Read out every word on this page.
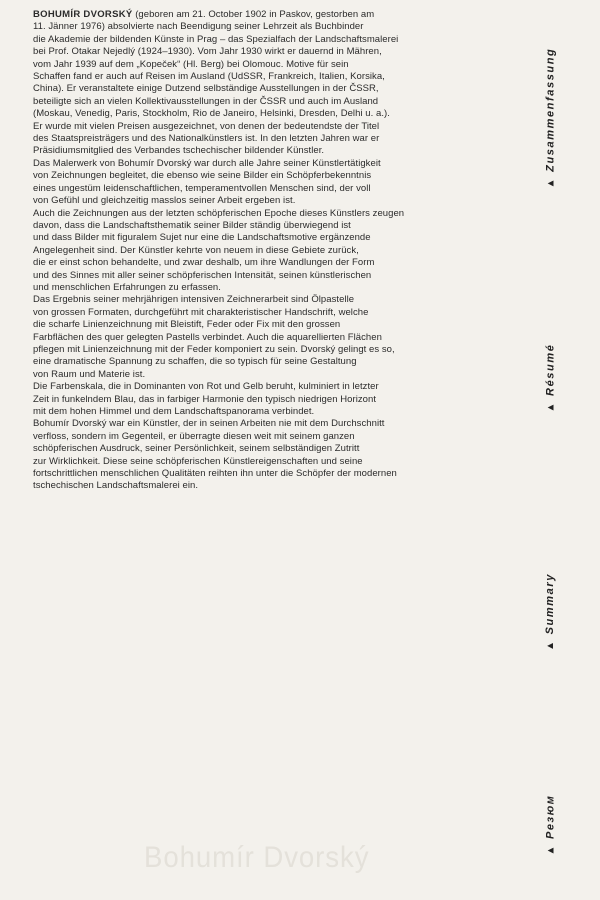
BOHUMÍR DVORSKÝ (geboren am 21. October 1902 in Paskov, gestorben am
11. Jänner 1976) absolvierte nach Beendigung seiner Lehrzeit als Buchbinder
die Akademie der bildenden Künste in Prag – das Spezialfach der Landschaftsmalerei
bei Prof. Otakar Nejedlý (1924–1930). Vom Jahr 1930 wirkt er dauernd in Mähren,
vom Jahr 1939 auf dem „Kopeček“ (Hl. Berg) bei Olomouc. Motive für sein
Schaffen fand er auch auf Reisen im Ausland (UdSSR, Frankreich, Italien, Korsika,
China). Er veranstaltete einige Dutzend selbständige Ausstellungen in der ČSSR,
beteiligte sich an vielen Kollektivausstellungen in der ČSSR und auch im Ausland
(Moskau, Venedig, Paris, Stockholm, Rio de Janeiro, Helsinki, Dresden, Delhi u. a.).
Er wurde mit vielen Preisen ausgezeichnet, von denen der bedeutendste der Titel
des Staatspreisträgers und des Nationalkünstlers ist. In den letzten Jahren war er
Präsidiumsmitglied des Verbandes tschechischer bildender Künstler.

Das Malerwerk von Bohumír Dvorský war durch alle Jahre seiner Künstlertätigkeit
von Zeichnungen begleitet, die ebenso wie seine Bilder ein Schöpferbekenntnis
eines ungestüm leidenschaftlichen, temperamentvollen Menschen sind, der voll
von Gefühl und gleichzeitig masslos seiner Arbeit ergeben ist.

Auch die Zeichnungen aus der letzten schöpferischen Epoche dieses Künstlers zeugen
davon, dass die Landschaftsthematik seiner Bilder ständig überwiegend ist
und dass Bilder mit figuralem Sujet nur eine die Landschaftsmotive ergänzende
Angelegenheit sind. Der Künstler kehrte von neuem in diese Gebiete zurück,
die er einst schon behandelte, und zwar deshalb, um ihre Wandlungen der Form
und des Sinnes mit aller seiner schöpferischen Intensität, seinen künstlerischen
und menschlichen Erfahrungen zu erfassen.

Das Ergebnis seiner mehrjährigen intensiven Zeichnerarbeit sind Ölpastelle
von grossen Formaten, durchgeführt mit charakteristischer Handschrift, welche
die scharfe Linienzeichnung mit Bleistift, Feder oder Fix mit den grossen
Farbflächen des quer gelegten Pastells verbindet. Auch die aquarellierten Flächen
pflegen mit Linienzeichnung mit der Feder komponiert zu sein. Dvorský gelingt es so,
eine dramatische Spannung zu schaffen, die so typisch für seine Gestaltung
von Raum und Materie ist.

Die Farbenskala, die in Dominanten von Rot und Gelb beruht, kulminiert in letzter
Zeit in funkelndem Blau, das in farbiger Harmonie den typisch niedrigen Horizont
mit dem hohen Himmel und dem Landschaftspanorama verbindet.

Bohumír Dvorský war ein Künstler, der in seinen Arbeiten nie mit dem Durchschnitt
verfloss, sondern im Gegenteil, er überragte diesen weit mit seinem ganzen
schöpferischen Ausdruck, seiner Persönlichkeit, seinem selbständigen Zutritt
zur Wirklichkeit. Diese seine schöpferischen Künstlereigenschaften und seine
fortschrittlichen menschlichen Qualitäten reihten ihn unter die Schöpfer der modernen
tschechischen Landschaftsmalerei ein.

▲
Zusammenfassung
▲
Résumé
▲
Summary
▲
Резюм
Bohumír Dvorský
